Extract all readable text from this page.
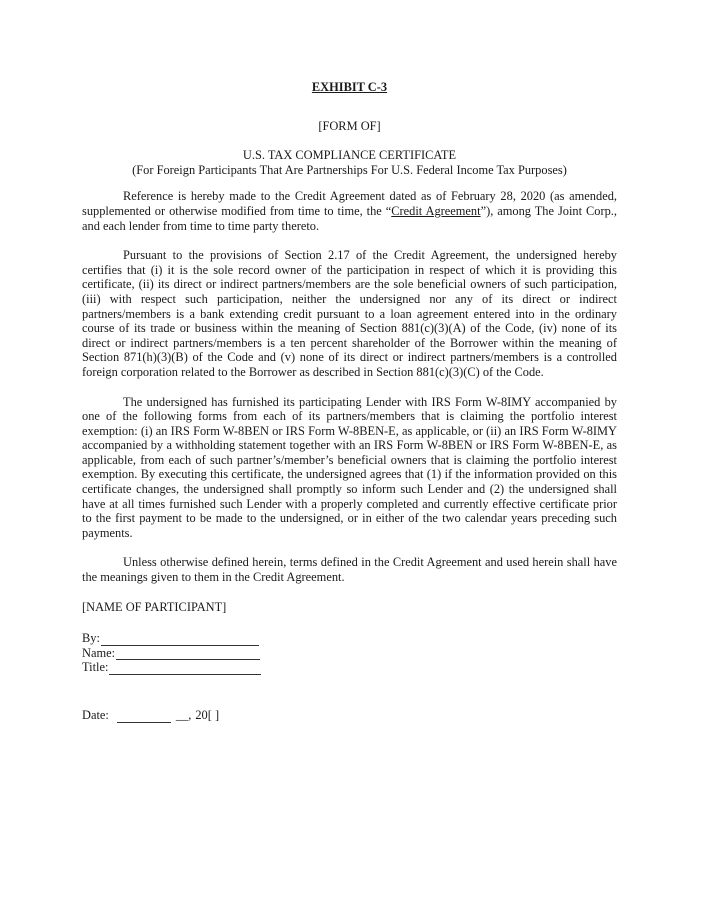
EXHIBIT C-3
[FORM OF]
U.S. TAX COMPLIANCE CERTIFICATE
(For Foreign Participants That Are Partnerships For U.S. Federal Income Tax Purposes)

Reference is hereby made to the Credit Agreement dated as of February 28, 2020 (as amended, supplemented or otherwise modified from time to time, the “Credit Agreement”), among The Joint Corp., and each lender from time to time party thereto.

Pursuant to the provisions of Section 2.17 of the Credit Agreement, the undersigned hereby certifies that (i) it is the sole record owner of the participation in respect of which it is providing this certificate, (ii) its direct or indirect partners/members are the sole beneficial owners of such participation, (iii) with respect such participation, neither the undersigned nor any of its direct or indirect partners/members is a bank extending credit pursuant to a loan agreement entered into in the ordinary course of its trade or business within the meaning of Section 881(c)(3)(A) of the Code, (iv) none of its direct or indirect partners/members is a ten percent shareholder of the Borrower within the meaning of Section 871(h)(3)(B) of the Code and (v) none of its direct or indirect partners/members is a controlled foreign corporation related to the Borrower as described in Section 881(c)(3)(C) of the Code.

The undersigned has furnished its participating Lender with IRS Form W-8IMY accompanied by one of the following forms from each of its partners/members that is claiming the portfolio interest exemption: (i) an IRS Form W-8BEN or IRS Form W-8BEN-E, as applicable, or (ii) an IRS Form W-8IMY accompanied by a withholding statement together with an IRS Form W-8BEN or IRS Form W-8BEN-E, as applicable, from each of such partner’s/member’s beneficial owners that is claiming the portfolio interest exemption. By executing this certificate, the undersigned agrees that (1) if the information provided on this certificate changes, the undersigned shall promptly so inform such Lender and (2) the undersigned shall have at all times furnished such Lender with a properly completed and currently effective certificate prior to the first payment to be made to the undersigned, or in either of the two calendar years preceding such payments.

Unless otherwise defined herein, terms defined in the Credit Agreement and used herein shall have the meanings given to them in the Credit Agreement.

[NAME OF PARTICIPANT]
By:
Name:
Title:
Date:	__, 20[ ]
